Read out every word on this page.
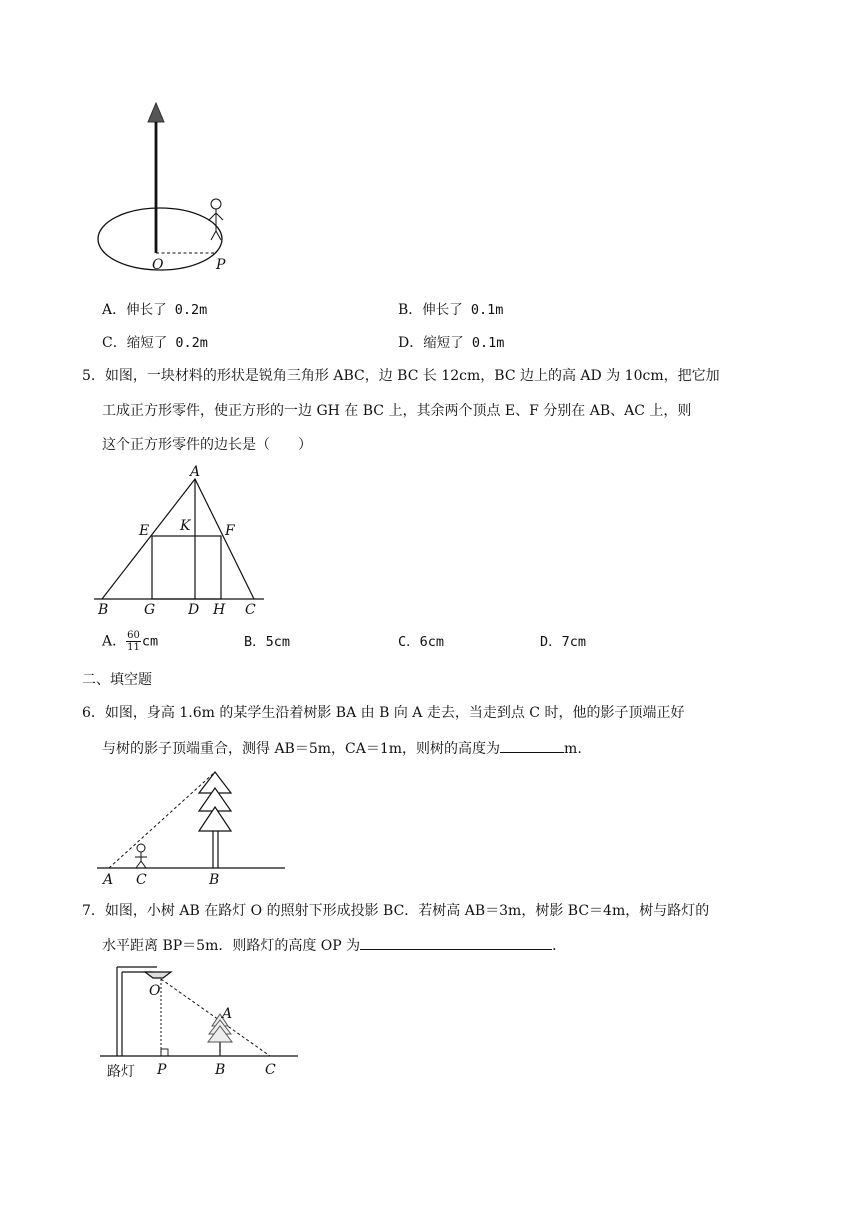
O	P
A．伸长了 0.2m	B．伸长了 0.1m
C．缩短了 0.2m	D．缩短了 0.1m
5．如图，一块材料的形状是锐角三角形 ABC，边 BC 长 12cm，BC 边上的高 AD 为 10cm，把它加
工成正方形零件，使正方形的一边 GH 在 BC 上，其余两个顶点 E、F 分别在 AB、AC 上，则
这个正方形零件的边长是（　　）
A
E K F
B	G D H C
A． $\frac{60}{11}$ cm	B．5cm	C．6cm	D．7cm
二、填空题
6．如图，身高 1.6m 的某学生沿着树影 BA 由 B 向 A 走去，当走到点 C 时，他的影子顶端正好
与树的影子顶端重合，测得 AB＝5m，CA＝1m，则树的高度为	m.
A C	B
7．如图，小树 AB 在路灯 O 的照射下形成投影 BC．若树高 AB＝3m，树影 BC＝4m，树与路灯的
水平距离 BP＝5m．则路灯的高度 OP 为	．
O
A
路灯 P	B	C
